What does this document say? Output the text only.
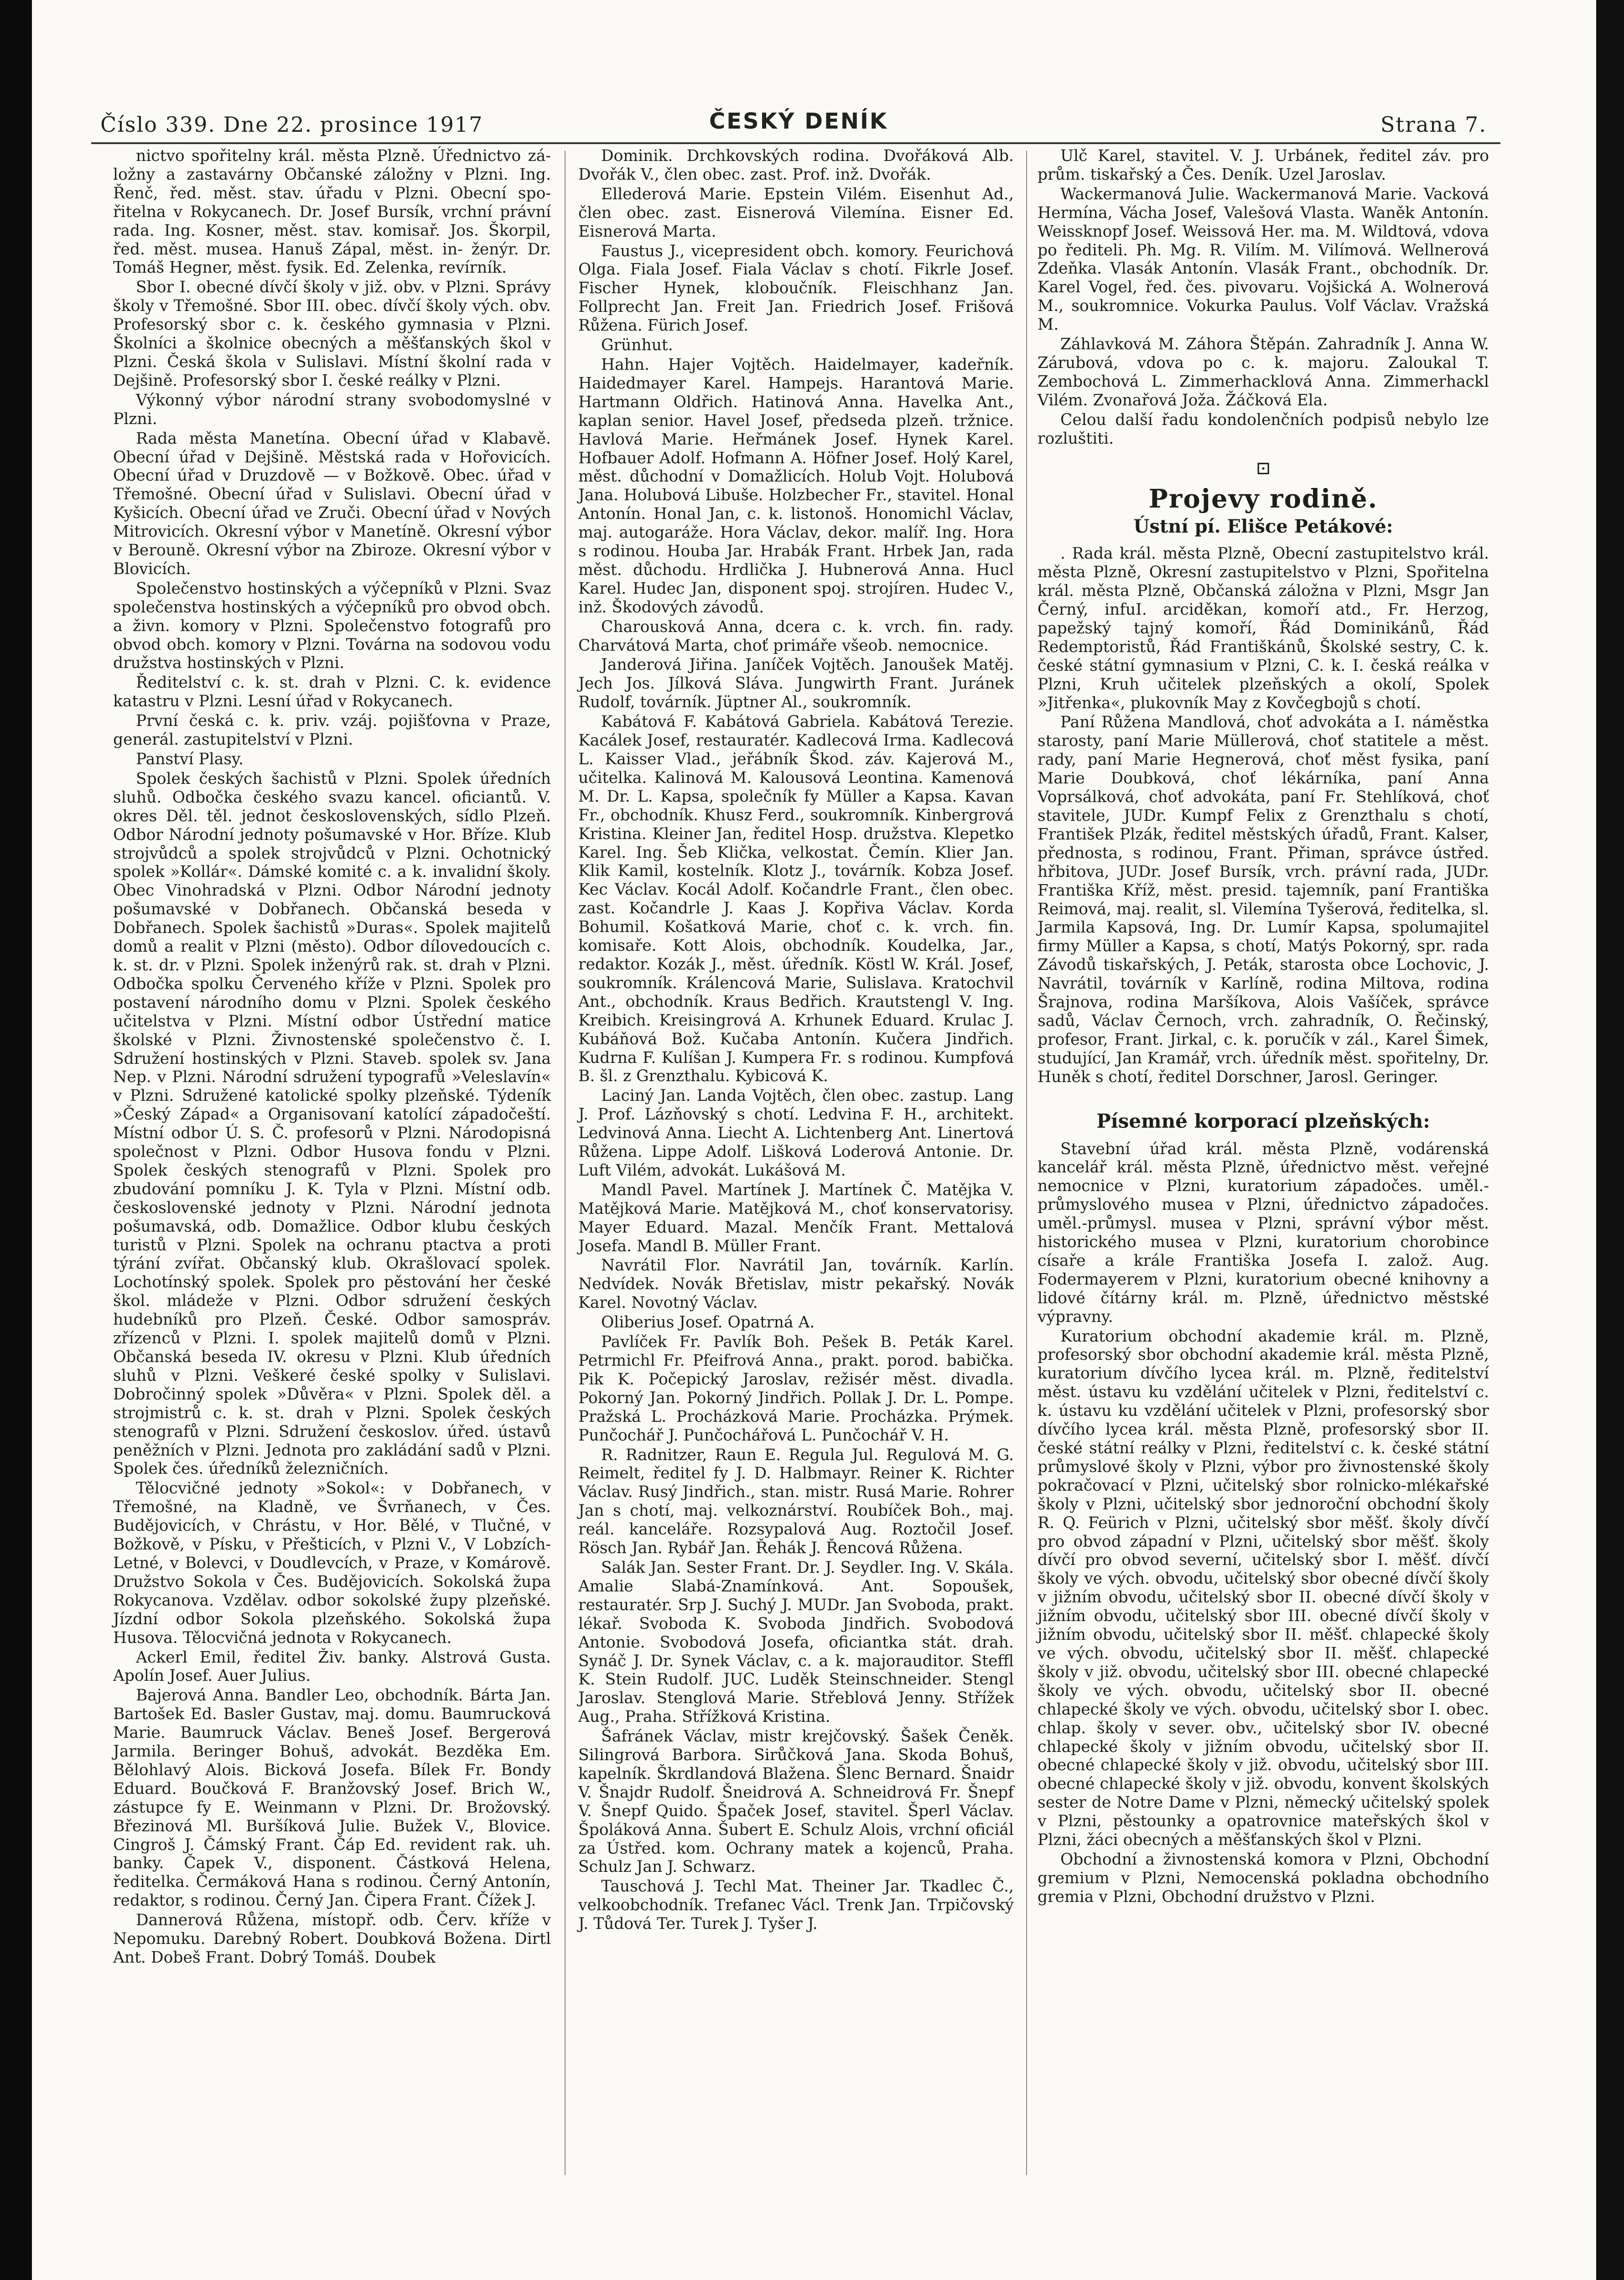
Číslo 339. Dne 22. prosince 1917	ČESKÝ DENÍK	Strana 7.

nictvo spořitelny král. města Plzně. Úřednictvo zá- ložny a zastavárny Občanské záložny v Plzni. Ing. Řenč, řed. měst. stav. úřadu v Plzni. Obecní spo- řitelna v Rokycanech. Dr. Josef Bursík, vrchní právní rada. Ing. Kosner, měst. stav. komisař. Jos. Škorpil, řed. měst. musea. Hanuš Zápal, měst. in- ženýr. Dr. Tomáš Hegner, měst. fysik. Ed. Zelenka, revírník.

Sbor I. obecné dívčí školy v již. obv. v Plzni. Správy školy v Třemošné. Sbor III. obec. dívčí školy vých. obv. Profesorský sbor c. k. českého gymnasia v Plzni. Školníci a školnice obecných a měšťanských škol v Plzni. Česká škola v Sulislavi. Místní školní rada v Dejšině. Profesorský sbor I. české reálky v Plzni.

Výkonný výbor národní strany svobodomyslné v Plzni.

Rada města Manetína. Obecní úřad v Klabavě. Obecní úřad v Dejšině. Městská rada v Hořovicích. Obecní úřad v Druzdově — v Božkově. Obec. úřad v Třemošné. Obecní úřad v Sulislavi. Obecní úřad v Kyšicích. Obecní úřad ve Zruči. Obecní úřad v Nových Mitrovicích. Okresní výbor v Manetíně. Okresní výbor v Berouně. Okresní výbor na Zbiroze. Okresní výbor v Blovicích.

Společenstvo hostinských a výčepníků v Plzni. Svaz společenstva hostinských a výčepníků pro obvod obch. a živn. komory v Plzni. Společenstvo fotografů pro obvod obch. komory v Plzni. Továrna na sodovou vodu družstva hostinských v Plzni.

Ředitelství c. k. st. drah v Plzni. C. k. evidence katastru v Plzni. Lesní úřad v Rokycanech.

První česká c. k. priv. vzáj. pojišťovna v Praze, generál. zastupitelství v Plzni.

Panství Plasy.

Spolek českých šachistů v Plzni. Spolek úředních sluhů. Odbočka českého svazu kancel. oficiantů. V. okres Děl. těl. jednot československých, sídlo Plzeň. Odbor Národní jednoty pošumavské v Hor. Bříze. Klub strojvůdců a spolek strojvůdců v Plzni. Ochotnický spolek »Kollár«. Dámské komité c. a k. invalidní školy. Obec Vinohradská v Plzni. Odbor Národní jednoty pošumavské v Dobřanech. Občanská beseda v Dobřanech. Spolek šachistů »Duras«. Spolek majitelů domů a realit v Plzni (město). Odbor dílovedoucích c. k. st. dr. v Plzni. Spolek inženýrů rak. st. drah v Plzni. Odbočka spolku Červeného kříže v Plzni. Spolek pro postavení národního domu v Plzni. Spolek českého učitelstva v Plzni. Místní odbor Ústřední matice školské v Plzni. Živnostenské společenstvo č. I. Sdružení hostinských v Plzni. Staveb. spolek sv. Jana Nep. v Plzni. Národní sdružení typografů »Veleslavín« v Plzni. Sdružené katolické spolky plzeňské. Týdeník »Český Západ« a Organisovaní katolící západočeští. Místní odbor Ú. S. Č. profesorů v Plzni. Národopisná společnost v Plzni. Odbor Husova fondu v Plzni. Spolek českých stenografů v Plzni. Spolek pro zbudování pomníku J. K. Tyla v Plzni. Místní odb. československé jednoty v Plzni. Národní jednota pošumavská, odb. Domažlice. Odbor klubu českých turistů v Plzni. Spolek na ochranu ptactva a proti týrání zvířat. Občanský klub. Okrašlovací spolek. Lochotínský spolek. Spolek pro pěstování her české škol. mládeže v Plzni. Odbor sdružení českých hudebníků pro Plzeň. České. Odbor samospráv. zřízenců v Plzni. I. spolek majitelů domů v Plzni. Občanská beseda IV. okresu v Plzni. Klub úředních sluhů v Plzni. Veškeré české spolky v Sulislavi. Dobročinný spolek »Důvěra« v Plzni. Spolek děl. a strojmistrů c. k. st. drah v Plzni. Spolek českých stenografů v Plzni. Sdružení českoslov. úřed. ústavů peněžních v Plzni. Jednota pro zakládání sadů v Plzni. Spolek čes. úředníků železničních.

Tělocvičné jednoty »Sokol«: v Dobřanech, v Třemošné, na Kladně, ve Švrňanech, v Čes. Budějovicích, v Chrástu, v Hor. Bělé, v Tlučné, v Božkově, v Písku, v Přešticích, v Plzni V., V Lobzích-Letné, v Bolevci, v Doudlevcích, v Praze, v Komárově. Družstvo Sokola v Čes. Budějovicích. Sokolská župa Rokycanova. Vzdělav. odbor sokolské župy plzeňské. Jízdní odbor Sokola plzeňského. Sokolská župa Husova. Tělocvičná jednota v Rokycanech.

Ackerl Emil, ředitel Živ. banky. Alstrová Gusta. Apolín Josef. Auer Julius.

Bajerová Anna. Bandler Leo, obchodník. Bárta Jan. Bartošek Ed. Basler Gustav, maj. domu. Baumrucková Marie. Baumruck Václav. Beneš Josef. Bergerová Jarmila. Beringer Bohuš, advokát. Bezděka Em. Bělohlavý Alois. Bicková Josefa. Bílek Fr. Bondy Eduard. Boučková F. Branžovský Josef. Brich W., zástupce fy E. Weinmann v Plzni. Dr. Brožovský. Březinová Ml. Buršíková Julie. Bužek V., Blovice. Cingroš J. Čámský Frant. Čáp Ed. revident rak. uh. banky. Čapek V., disponent. Částková Helena, ředitelka. Čermáková Hana s rodinou. Černý Antonín, redaktor, s rodinou. Černý Jan. Čipera Frant. Čížek J.

Dannerová Růžena, místopř. odb. Červ. kříže v Nepomuku. Darebný Robert. Doubková Božena. Dirtl Ant. Dobeš Frant. Dobrý Tomáš. Doubek

Dominik. Drchkovských rodina. Dvořáková Alb. Dvořák V., člen obec. zast. Prof. inž. Dvořák.

Ellederová Marie. Epstein Vilém. Eisenhut Ad., člen obec. zast. Eisnerová Vilemína. Eisner Ed. Eisnerová Marta.

Faustus J., vicepresident obch. komory. Feurichová Olga. Fiala Josef. Fiala Václav s chotí. Fikrle Josef. Fischer Hynek, kloboučník. Fleischhanz Jan. Follprecht Jan. Freit Jan. Friedrich Josef. Frišová Růžena. Fürich Josef.

Grünhut.

Hahn. Hajer Vojtěch. Haidelmayer, kadeřník. Haidedmayer Karel. Hampejs. Harantová Marie. Hartmann Oldřich. Hatinová Anna. Havelka Ant., kaplan senior. Havel Josef, předseda plzeň. tržnice. Havlová Marie. Heřmánek Josef. Hynek Karel. Hofbauer Adolf. Hofmann A. Höfner Josef. Holý Karel, měst. důchodní v Domažlicích. Holub Vojt. Holubová Jana. Holubová Libuše. Holzbecher Fr., stavitel. Honal Antonín. Honal Jan, c. k. listonoš. Honomichl Václav, maj. autogaráže. Hora Václav, dekor. malíř. Ing. Hora s rodinou. Houba Jar. Hrabák Frant. Hrbek Jan, rada měst. důchodu. Hrdlička J. Hubnerová Anna. Hucl Karel. Hudec Jan, disponent spoj. strojíren. Hudec V., inž. Škodových závodů.

Charousková Anna, dcera c. k. vrch. fin. rady. Charvátová Marta, choť primáře všeob. nemocnice.

Janderová Jiřina. Janíček Vojtěch. Janoušek Matěj. Jech Jos. Jílková Sláva. Jungwirth Frant. Juránek Rudolf, továrník. Jüptner Al., soukromník.

Kabátová F. Kabátová Gabriela. Kabátová Terezie. Kacálek Josef, restauratér. Kadlecová Irma. Kadlecová L. Kaisser Vlad., jeřábník Škod. záv. Kajerová M., učitelka. Kalinová M. Kalousová Leontina. Kamenová M. Dr. L. Kapsa, společník fy Müller a Kapsa. Kavan Fr., obchodník. Khusz Ferd., soukromník. Kinbergrová Kristina. Kleiner Jan, ředitel Hosp. družstva. Klepetko Karel. Ing. Šeb Klička, velkostat. Čemín. Klier Jan. Klik Kamil, kostelník. Klotz J., továrník. Kobza Josef. Kec Václav. Kocál Adolf. Kočandrle Frant., člen obec. zast. Kočandrle J. Kaas J. Kopřiva Václav. Korda Bohumil. Košatková Marie, choť c. k. vrch. fin. komisaře. Kott Alois, obchodník. Koudelka, Jar., redaktor. Kozák J., měst. úředník. Köstl W. Král. Josef, soukromník. Králencová Marie, Sulislava. Kratochvil Ant., obchodník. Kraus Bedřich. Krautstengl V. Ing. Kreibich. Kreisingrová A. Krhunek Eduard. Krulac J. Kubáňová Bož. Kučaba Antonín. Kučera Jindřich. Kudrna F. Kulíšan J. Kumpera Fr. s rodinou. Kumpfová B. šl. z Grenzthalu. Kybicová K.

Laciný Jan. Landa Vojtěch, člen obec. zastup. Lang J. Prof. Lázňovský s chotí. Ledvina F. H., architekt. Ledvinová Anna. Liecht A. Lichtenberg Ant. Linertová Růžena. Lippe Adolf. Lišková Loderová Antonie. Dr. Luft Vilém, advokát. Lukášová M.

Mandl Pavel. Martínek J. Martínek Č. Matějka V. Matějková Marie. Matějková M., choť konservatorisy. Mayer Eduard. Mazal. Menčík Frant. Mettalová Josefa. Mandl B. Müller Frant.

Navrátil Flor. Navrátil Jan, továrník. Karlín. Nedvídek. Novák Břetislav, mistr pekařský. Novák Karel. Novotný Václav.

Oliberius Josef. Opatrná A.

Pavlíček Fr. Pavlík Boh. Pešek B. Peták Karel. Petrmichl Fr. Pfeifrová Anna., prakt. porod. babička. Pik K. Počepický Jaroslav, režisér měst. divadla. Pokorný Jan. Pokorný Jindřich. Pollak J. Dr. L. Pompe. Pražská L. Procházková Marie. Procházka. Prýmek. Punčochář J. Punčochářová L. Punčochář V. H.

R. Radnitzer, Raun E. Regula Jul. Regulová M. G. Reimelt, ředitel fy J. D. Halbmayr. Reiner K. Richter Václav. Rusý Jindřich., stan. mistr. Rusá Marie. Rohrer Jan s chotí, maj. velkoznárství. Roubíček Boh., maj. reál. kanceláře. Rozsypalová Aug. Roztočil Josef. Rösch Jan. Rybář Jan. Řehák J. Řencová Růžena.

Salák Jan. Sester Frant. Dr. J. Seydler. Ing. V. Skála. Amalie Slabá-Znamínková. Ant. Sopoušek, restauratér. Srp J. Suchý J. MUDr. Jan Svoboda, prakt. lékař. Svoboda K. Svoboda Jindřich. Svobodová Antonie. Svobodová Josefa, oficiantka stát. drah. Synáč J. Dr. Synek Václav, c. a k. majorauditor. Steffl K. Stein Rudolf. JUC. Luděk Steinschneider. Stengl Jaroslav. Stenglová Marie. Střeblová Jenny. Střížek Aug., Praha. Střížková Kristina.

Šafránek Václav, mistr krejčovský. Šašek Čeněk. Silingrová Barbora. Sirůčková Jana. Skoda Bohuš, kapelník. Škrdlandová Blažena. Šlenc Bernard. Šnaidr V. Šnajdr Rudolf. Šneidrová A. Schneidrová Fr. Šnepf V. Šnepf Quido. Špaček Josef, stavitel. Šperl Václav. Špoláková Anna. Šubert E. Schulz Alois, vrchní oficiál za Ústřed. kom. Ochrany matek a kojenců, Praha. Schulz Jan J. Schwarz.

Tauschová J. Techl Mat. Theiner Jar. Tkadlec Č., velkoobchodník. Trefanec Václ. Trenk Jan. Trpičovský J. Tůdová Ter. Turek J. Tyšer J.

Ulč Karel, stavitel. V. J. Urbánek, ředitel záv. pro prům. tiskařský a Čes. Deník. Uzel Jaroslav.

Wackermanová Julie. Wackermanová Marie. Vacková Hermína, Vácha Josef, Valešová Vlasta. Waněk Antonín. Weissknopf Josef. Weissová Her. ma. M. Wildtová, vdova po řediteli. Ph. Mg. R. Vilím. M. Vilímová. Wellnerová Zdeňka. Vlasák Antonín. Vlasák Frant., obchodník. Dr. Karel Vogel, řed. čes. pivovaru. Vojšická A. Wolnerová M., soukromnice. Vokurka Paulus. Volf Václav. Vražská M.

Záhlavková M. Záhora Štěpán. Zahradník J. Anna W. Zárubová, vdova po c. k. majoru. Zaloukal T. Zembochová L. Zimmerhacklová Anna. Zimmerhackl Vilém. Zvonařová Joža. Žáčková Ela.

Celou další řadu kondolenčních podpisů nebylo lze rozluštiti.

⊡
Projevy rodině.
Ústní pí. Elišce Petákové:

. Rada král. města Plzně, Obecní zastupitelstvo král. města Plzně, Okresní zastupitelstvo v Plzni, Spořitelna král. města Plzně, Občanská záložna v Plzni, Msgr Jan Černý, infuI. arciděkan, komoří atd., Fr. Herzog, papežský tajný komoří, Řád Dominikánů, Řád Redemptoristů, Řád Františkánů, Školské sestry, C. k. české státní gymnasium v Plzni, C. k. I. česká reálka v Plzni, Kruh učitelek plzeňských a okolí, Spolek »Jitřenka«, plukovník May z Kovčegbojů s chotí.

Paní Růžena Mandlová, choť advokáta a I. náměstka starosty, paní Marie Müllerová, choť statitele a měst. rady, paní Marie Hegnerová, choť měst fysika, paní Marie Doubková, choť lékárníka, paní Anna Voprsálková, choť advokáta, paní Fr. Stehlíková, choť stavitele, JUDr. Kumpf Felix z Grenzthalu s chotí, František Plzák, ředitel městských úřadů, Frant. Kalser, přednosta, s rodinou, Frant. Přiman, správce ústřed. hřbitova, JUDr. Josef Bursík, vrch. právní rada, JUDr. Františka Kříž, měst. presid. tajemník, paní Františka Reimová, maj. realit, sl. Vilemína Tyšerová, ředitelka, sl. Jarmila Kapsová, Ing. Dr. Lumír Kapsa, spolumajitel firmy Müller a Kapsa, s chotí, Matýs Pokorný, spr. rada Závodů tiskařských, J. Peták, starosta obce Lochovic, J. Navrátil, továrník v Karlíně, rodina Miltova, rodina Šrajnova, rodina Maršíkova, Alois Vašíček, správce sadů, Václav Černoch, vrch. zahradník, O. Řečinský, profesor, Frant. Jirkal, c. k. poručík v zál., Karel Šimek, studující, Jan Kramář, vrch. úředník měst. spořitelny, Dr. Huněk s chotí, ředitel Dorschner, Jarosl. Geringer.

Písemné korporací plzeňských:

Stavební úřad král. města Plzně, vodárenská kancelář král. města Plzně, úřednictvo měst. veřejné nemocnice v Plzni, kuratorium západočes. uměl.-průmyslového musea v Plzni, úřednictvo západočes. uměl.-průmysl. musea v Plzni, správní výbor měst. historického musea v Plzni, kuratorium chorobince císaře a krále Františka Josefa I. založ. Aug. Fodermayerem v Plzni, kuratorium obecné knihovny a lidové čítárny král. m. Plzně, úřednictvo městské výpravny.

Kuratorium obchodní akademie král. m. Plzně, profesorský sbor obchodní akademie král. města Plzně, kuratorium dívčího lycea král. m. Plzně, ředitelství měst. ústavu ku vzdělání učitelek v Plzni, ředitelství c. k. ústavu ku vzdělání učitelek v Plzni, profesorský sbor dívčího lycea král. města Plzně, profesorský sbor II. české státní reálky v Plzni, ředitelství c. k. české státní průmyslové školy v Plzni, výbor pro živnostenské školy pokračovací v Plzni, učitelský sbor rolnicko-mlékařské školy v Plzni, učitelský sbor jednoroční obchodní školy R. Q. Feürich v Plzni, učitelský sbor měšť. školy dívčí pro obvod západní v Plzni, učitelský sbor měšť. školy dívčí pro obvod severní, učitelský sbor I. měšť. dívčí školy ve vých. obvodu, učitelský sbor obecné dívčí školy v jižním obvodu, učitelský sbor II. obecné dívčí školy v jižním obvodu, učitelský sbor III. obecné dívčí školy v jižním obvodu, učitelský sbor II. měšť. chlapecké školy ve vých. obvodu, učitelský sbor II. měšť. chlapecké školy v již. obvodu, učitelský sbor III. obecné chlapecké školy ve vých. obvodu, učitelský sbor II. obecné chlapecké školy ve vých. obvodu, učitelský sbor I. obec. chlap. školy v sever. obv., učitelský sbor IV. obecné chlapecké školy v jižním obvodu, učitelský sbor II. obecné chlapecké školy v již. obvodu, učitelský sbor III. obecné chlapecké školy v již. obvodu, konvent školských sester de Notre Dame v Plzni, německý učitelský spolek v Plzni, pěstounky a opatrovnice mateřských škol v Plzni, žáci obecných a měšťanských škol v Plzni.

Obchodní a živnostenská komora v Plzni, Obchodní gremium v Plzni, Nemocenská pokladna obchodního gremia v Plzni, Obchodní družstvo v Plzni.
